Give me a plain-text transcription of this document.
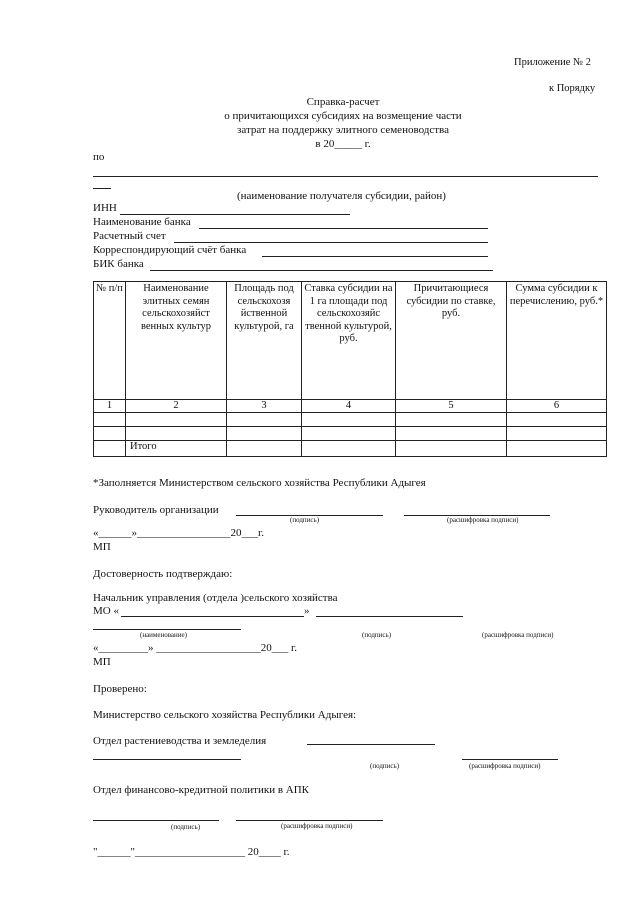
Приложение № 2
к Порядку
Справка-расчет
о причитающихся субсидиях на возмещение части
затрат на поддержку элитного семеноводства
в 20_____ г.
по
(наименование получателя субсидии, район)
ИНН
Наименование банка
Расчетный счет
Корреспондирующий счёт банка
БИК банка
№ п/п	Наименование элитных семян сельскохозяйст венных культур	Площадь под сельскохозя йственной культурой, га	Ставка субсидии на 1 га площади под сельскохозяйс твенной культурой, руб.	Причитающиеся субсидии по ставке, руб.	Сумма субсидии к перечислению, руб.*
1	2	3	4	5	6

	Итого				
*Заполняется Министерством сельского хозяйства Республики Адыгея
Руководитель организации
(подпись)	(расшифровка подписи)
«______»_________________20___г.
МП
Достоверность подтверждаю:
Начальник управления (отдела )сельского хозяйства
МО «	»
(наименование)	(подпись)	(расшифровка подписи)
«_________» ___________________20___ г.
МП
Проверено:
Министерство сельского хозяйства Республики Адыгея:
Отдел растениеводства и земледелия
(подпись)	(расшифровка подписи)
Отдел финансово-кредитной политики в АПК
(подпись)	(расшифровка подписи)
"______"____________________ 20____ г.
